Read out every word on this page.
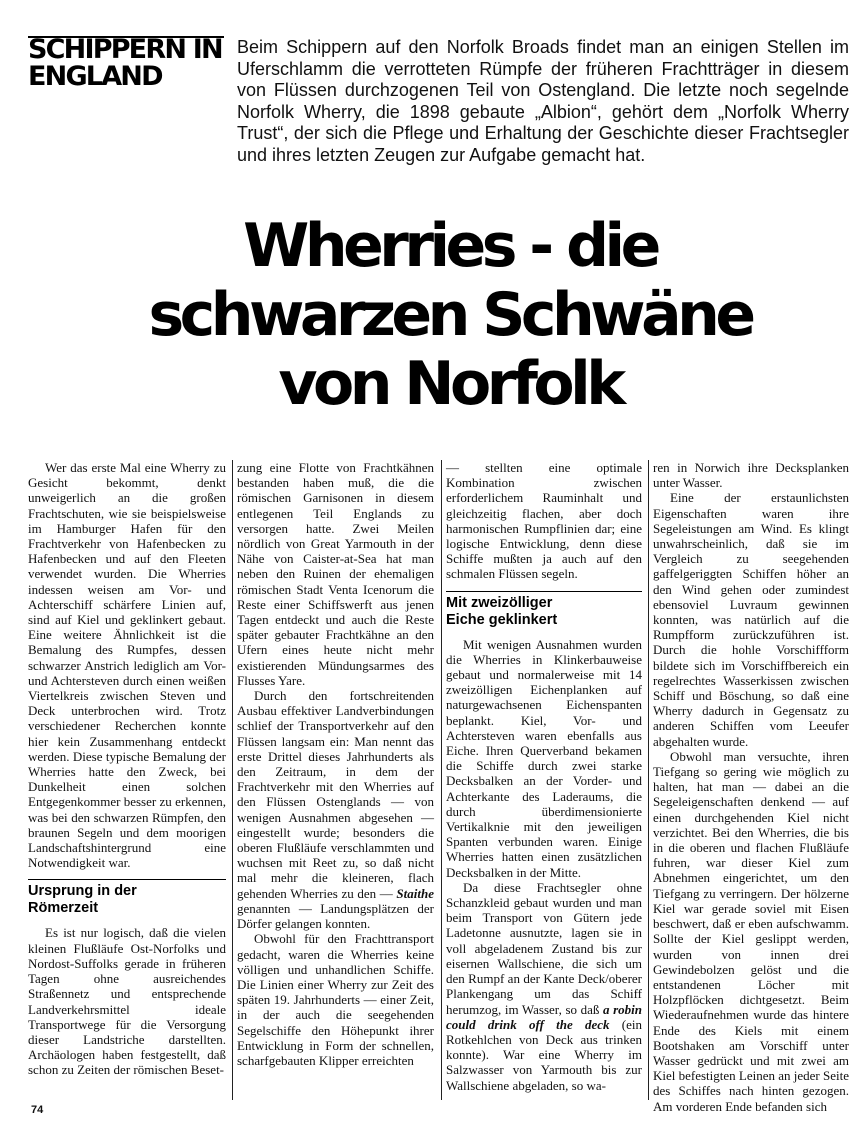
SCHIPPERN IN
ENGLAND
Beim Schippern auf den Norfolk Broads findet man an einigen Stellen im Uferschlamm die verrotteten Rümpfe der früheren Frachtträger in diesem von Flüssen durchzogenen Teil von Ostengland. Die letzte noch segelnde Norfolk Wherry, die 1898 gebaute „Albion“, gehört dem „Norfolk Wherry Trust“, der sich die Pflege und Erhaltung der Geschichte dieser Frachtsegler und ihres letzten Zeugen zur Aufgabe gemacht hat.
Wherries - die
schwarzen Schwäne
von Norfolk

Wer das erste Mal eine Wherry zu Gesicht bekommt, denkt unweigerlich an die großen Frachtschuten, wie sie beispielsweise im Hamburger Hafen für den Frachtverkehr von Hafenbecken zu Hafenbecken und auf den Fleeten verwendet wurden. Die Wherries indessen weisen am Vor- und Achterschiff schärfere Linien auf, sind auf Kiel und geklinkert gebaut. Eine weitere Ähnlichkeit ist die Bemalung des Rumpfes, dessen schwarzer Anstrich lediglich am Vor- und Achtersteven durch einen weißen Viertelkreis zwischen Steven und Deck unterbrochen wird. Trotz verschiedener Recherchen konnte hier kein Zusammenhang entdeckt werden. Diese typische Bemalung der Wherries hatte den Zweck, bei Dunkelheit einen solchen Entgegenkommer besser zu erkennen, was bei den schwarzen Rümpfen, den braunen Segeln und dem moorigen Landschaftshintergrund eine Notwendigkeit war.

Ursprung in der
Römerzeit

Es ist nur logisch, daß die vielen kleinen Flußläufe Ost-Norfolks und Nordost-Suffolks gerade in früheren Tagen ohne ausreichendes Straßennetz und entsprechende Landverkehrsmittel ideale Transportwege für die Versorgung dieser Landstriche darstellten. Archäologen haben festgestellt, daß schon zu Zeiten der römischen Beset-

zung eine Flotte von Frachtkähnen bestanden haben muß, die die römischen Garnisonen in diesem entlegenen Teil Englands zu versorgen hatte. Zwei Meilen nördlich von Great Yarmouth in der Nähe von Caister-at-Sea hat man neben den Ruinen der ehemaligen römischen Stadt Venta Icenorum die Reste einer Schiffswerft aus jenen Tagen entdeckt und auch die Reste später gebauter Frachtkähne an den Ufern eines heute nicht mehr existierenden Mündungsarmes des Flusses Yare.

Durch den fortschreitenden Ausbau effektiver Landverbindungen schlief der Transportverkehr auf den Flüssen langsam ein: Man nennt das erste Drittel dieses Jahrhunderts als den Zeitraum, in dem der Frachtverkehr mit den Wherries auf den Flüssen Ostenglands — von wenigen Ausnahmen abgesehen — eingestellt wurde; besonders die oberen Flußläufe verschlammten und wuchsen mit Reet zu, so daß nicht mal mehr die kleineren, flach gehenden Wherries zu den — Staithe genannten — Landungsplätzen der Dörfer gelangen konnten.

Obwohl für den Frachttransport gedacht, waren die Wherries keine völligen und unhandlichen Schiffe. Die Linien einer Wherry zur Zeit des späten 19. Jahrhunderts — einer Zeit, in der auch die seegehenden Segelschiffe den Höhepunkt ihrer Entwicklung in Form der schnellen, scharfgebauten Klipper erreichten

— stellten eine optimale Kombination zwischen erforderlichem Rauminhalt und gleichzeitig flachen, aber doch harmonischen Rumpflinien dar; eine logische Entwicklung, denn diese Schiffe mußten ja auch auf den schmalen Flüssen segeln.

Mit zweizölliger
Eiche geklinkert

Mit wenigen Ausnahmen wurden die Wherries in Klinkerbauweise gebaut und normalerweise mit 14 zweizölligen Eichenplanken auf naturgewachsenen Eichenspanten beplankt. Kiel, Vor- und Achtersteven waren ebenfalls aus Eiche. Ihren Querverband bekamen die Schiffe durch zwei starke Decksbalken an der Vorder- und Achterkante des Laderaums, die durch überdimensionierte Vertikalknie mit den jeweiligen Spanten verbunden waren. Einige Wherries hatten einen zusätzlichen Decksbalken in der Mitte.

Da diese Frachtsegler ohne Schanzkleid gebaut wurden und man beim Transport von Gütern jede Ladetonne ausnutzte, lagen sie in voll abgeladenem Zustand bis zur eisernen Wallschiene, die sich um den Rumpf an der Kante Deck/oberer Plankengang um das Schiff herumzog, im Wasser, so daß a robin could drink off the deck (ein Rotkehlchen von Deck aus trinken konnte). War eine Wherry im Salzwasser von Yarmouth bis zur Wallschiene abgeladen, so wa-

ren in Norwich ihre Decksplanken unter Wasser.

Eine der erstaunlichsten Eigenschaften waren ihre Segeleistungen am Wind. Es klingt unwahrscheinlich, daß sie im Vergleich zu seegehenden gaffelgeriggten Schiffen höher an den Wind gehen oder zumindest ebensoviel Luvraum gewinnen konnten, was natürlich auf die Rumpfform zurückzuführen ist. Durch die hohle Vorschiffform bildete sich im Vorschiffbereich ein regelrechtes Wasserkissen zwischen Schiff und Böschung, so daß eine Wherry dadurch in Gegensatz zu anderen Schiffen vom Leeufer abgehalten wurde.

Obwohl man versuchte, ihren Tiefgang so gering wie möglich zu halten, hat man — dabei an die Segeleigenschaften denkend — auf einen durchgehenden Kiel nicht verzichtet. Bei den Wherries, die bis in die oberen und flachen Flußläufe fuhren, war dieser Kiel zum Abnehmen eingerichtet, um den Tiefgang zu verringern. Der hölzerne Kiel war gerade soviel mit Eisen beschwert, daß er eben aufschwamm. Sollte der Kiel geslippt werden, wurden von innen drei Gewindebolzen gelöst und die entstandenen Löcher mit Holzpflöcken dichtgesetzt. Beim Wiederaufnehmen wurde das hintere Ende des Kiels mit einem Bootshaken am Vorschiff unter Wasser gedrückt und mit zwei am Kiel befestigten Leinen an jeder Seite des Schiffes nach hinten gezogen. Am vorderen Ende befanden sich

74
